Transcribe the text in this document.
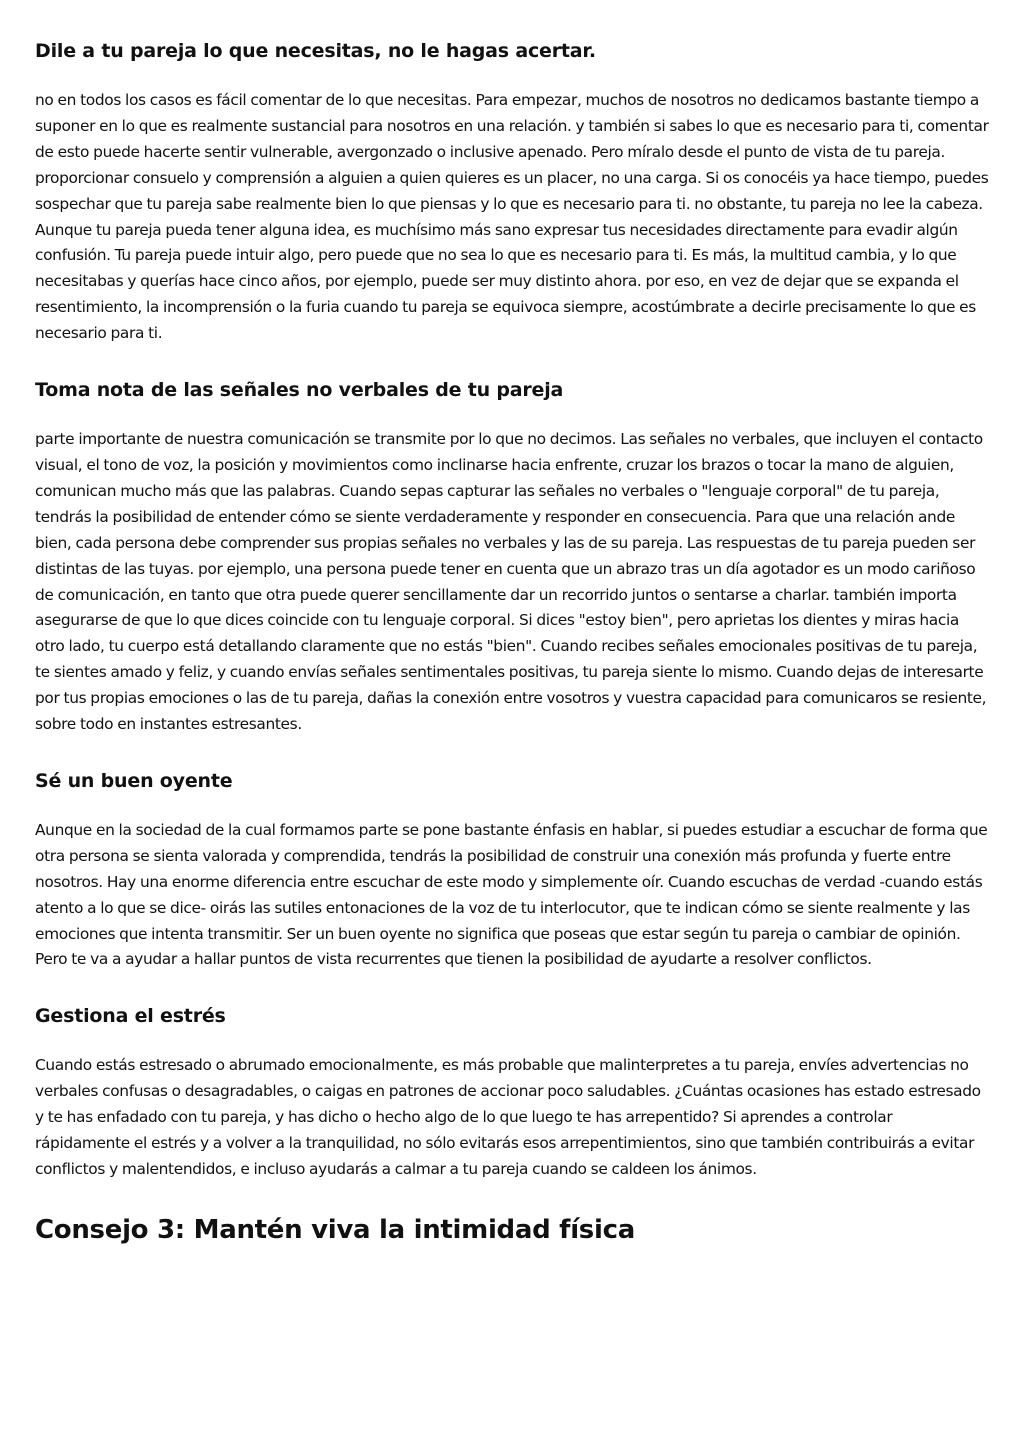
Dile a tu pareja lo que necesitas, no le hagas acertar.

no en todos los casos es fácil comentar de lo que necesitas. Para empezar, muchos de nosotros no dedicamos bastante tiempo a suponer en lo que es realmente sustancial para nosotros en una relación. y también si sabes lo que es necesario para ti, comentar de esto puede hacerte sentir vulnerable, avergonzado o inclusive apenado. Pero míralo desde el punto de vista de tu pareja. proporcionar consuelo y comprensión a alguien a quien quieres es un placer, no una carga. Si os conocéis ya hace tiempo, puedes sospechar que tu pareja sabe realmente bien lo que piensas y lo que es necesario para ti. no obstante, tu pareja no lee la cabeza. Aunque tu pareja pueda tener alguna idea, es muchísimo más sano expresar tus necesidades directamente para evadir algún confusión. Tu pareja puede intuir algo, pero puede que no sea lo que es necesario para ti. Es más, la multitud cambia, y lo que necesitabas y querías hace cinco años, por ejemplo, puede ser muy distinto ahora. por eso, en vez de dejar que se expanda el resentimiento, la incomprensión o la furia cuando tu pareja se equivoca siempre, acostúmbrate a decirle precisamente lo que es necesario para ti.

Toma nota de las señales no verbales de tu pareja

parte importante de nuestra comunicación se transmite por lo que no decimos. Las señales no verbales, que incluyen el contacto visual, el tono de voz, la posición y movimientos como inclinarse hacia enfrente, cruzar los brazos o tocar la mano de alguien, comunican mucho más que las palabras. Cuando sepas capturar las señales no verbales o "lenguaje corporal" de tu pareja, tendrás la posibilidad de entender cómo se siente verdaderamente y responder en consecuencia. Para que una relación ande bien, cada persona debe comprender sus propias señales no verbales y las de su pareja. Las respuestas de tu pareja pueden ser distintas de las tuyas. por ejemplo, una persona puede tener en cuenta que un abrazo tras un día agotador es un modo cariñoso de comunicación, en tanto que otra puede querer sencillamente dar un recorrido juntos o sentarse a charlar. también importa asegurarse de que lo que dices coincide con tu lenguaje corporal. Si dices "estoy bien", pero aprietas los dientes y miras hacia otro lado, tu cuerpo está detallando claramente que no estás "bien". Cuando recibes señales emocionales positivas de tu pareja, te sientes amado y feliz, y cuando envías señales sentimentales positivas, tu pareja siente lo mismo. Cuando dejas de interesarte por tus propias emociones o las de tu pareja, dañas la conexión entre vosotros y vuestra capacidad para comunicaros se resiente, sobre todo en instantes estresantes.

Sé un buen oyente

Aunque en la sociedad de la cual formamos parte se pone bastante énfasis en hablar, si puedes estudiar a escuchar de forma que otra persona se sienta valorada y comprendida, tendrás la posibilidad de construir una conexión más profunda y fuerte entre nosotros. Hay una enorme diferencia entre escuchar de este modo y simplemente oír. Cuando escuchas de verdad -cuando estás atento a lo que se dice- oirás las sutiles entonaciones de la voz de tu interlocutor, que te indican cómo se siente realmente y las emociones que intenta transmitir. Ser un buen oyente no significa que poseas que estar según tu pareja o cambiar de opinión. Pero te va a ayudar a hallar puntos de vista recurrentes que tienen la posibilidad de ayudarte a resolver conflictos.

Gestiona el estrés

Cuando estás estresado o abrumado emocionalmente, es más probable que malinterpretes a tu pareja, envíes advertencias no verbales confusas o desagradables, o caigas en patrones de accionar poco saludables. ¿Cuántas ocasiones has estado estresado y te has enfadado con tu pareja, y has dicho o hecho algo de lo que luego te has arrepentido? Si aprendes a controlar rápidamente el estrés y a volver a la tranquilidad, no sólo evitarás esos arrepentimientos, sino que también contribuirás a evitar conflictos y malentendidos, e incluso ayudarás a calmar a tu pareja cuando se caldeen los ánimos.

Consejo 3: Mantén viva la intimidad física
